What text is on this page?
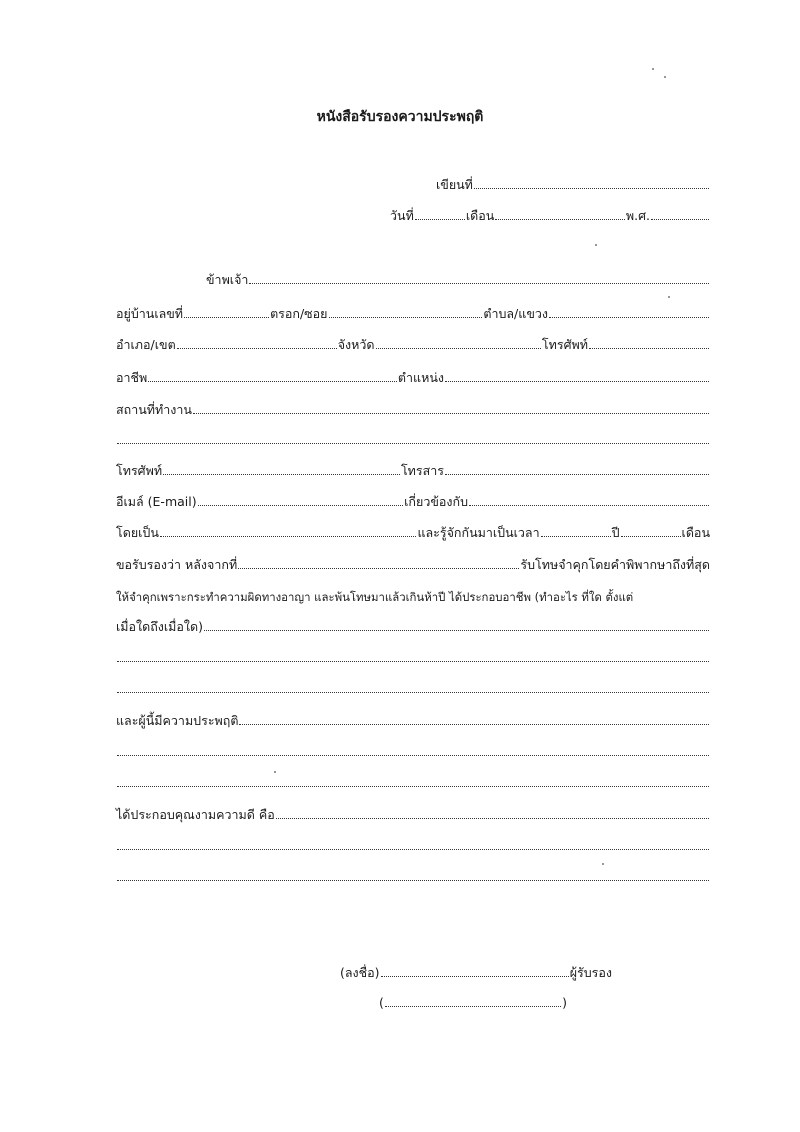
หนังสือรับรองความประพฤติ
เขียนที่
วันที่	เดือน	พ.ศ.
ข้าพเจ้า
อยู่บ้านเลขที่	ตรอก/ซอย	ตำบล/แขวง
อำเภอ/เขต	จังหวัด	โทรศัพท์
อาชีพ	ตำแหน่ง
สถานที่ทำงาน
โทรศัพท์	โทรสาร
อีเมล์ (E-mail)	เกี่ยวข้องกับ
โดยเป็น	และรู้จักกันมาเป็นเวลา	ปี	เดือน
ขอรับรองว่า หลังจากที่	รับโทษจำคุกโดยคำพิพากษาถึงที่สุด
ให้จำคุกเพราะกระทำความผิดทางอาญา และพ้นโทษมาแล้วเกินห้าปี ได้ประกอบอาชีพ (ทำอะไร ที่ใด ตั้งแต่
เมื่อใดถึงเมื่อใด)
และผู้นี้มีความประพฤติ
ได้ประกอบคุณงามความดี คือ
(ลงชื่อ)	ผู้รับรอง
(	)
